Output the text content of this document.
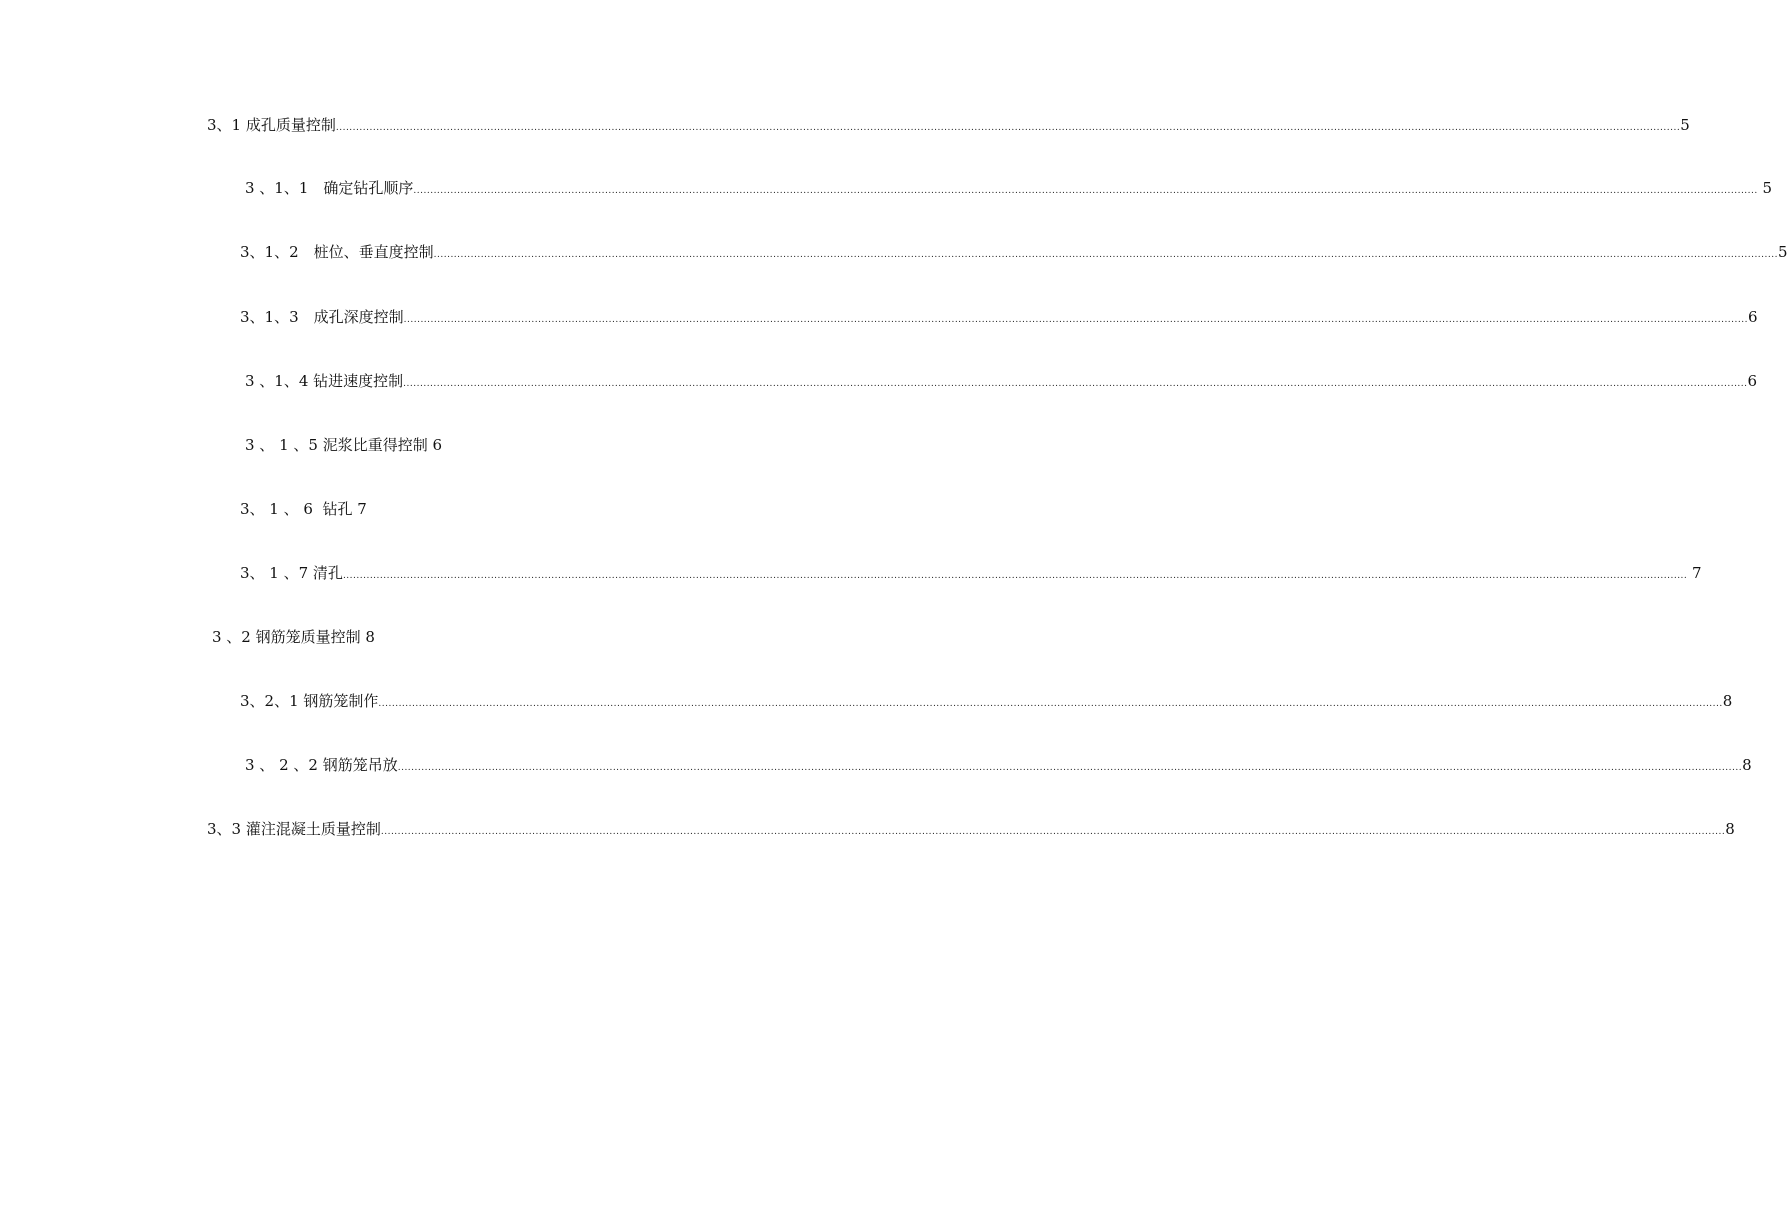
3、1 成孔质量控制 ................................................................................................................................................................................................................................................................................................................................................................................................................ 5
3 、1、1　确定钻孔顺序 ................................................................................................................................................................................................................................................................................................................................................................................................................ 5
3、1、2　桩位、垂直度控制 ................................................................................................................................................................................................................................................................................................................................................................................................................ 5
3、1、3　成孔深度控制 ................................................................................................................................................................................................................................................................................................................................................................................................................ 6
3 、1、4 钻进速度控制 ................................................................................................................................................................................................................................................................................................................................................................................................................ 6
3 、 1 、5 泥浆比重得控制 6
3、 1 、 6  钻孔 7
3、 1 、7 清孔 ................................................................................................................................................................................................................................................................................................................................................................................................................ 7
3 、2 钢筋笼质量控制 8
3、2、1 钢筋笼制作 ................................................................................................................................................................................................................................................................................................................................................................................................................ 8
3 、 2 、2 钢筋笼吊放 ................................................................................................................................................................................................................................................................................................................................................................................................................ 8
3、3 灌注混凝土质量控制 ................................................................................................................................................................................................................................................................................................................................................................................................................ 8
